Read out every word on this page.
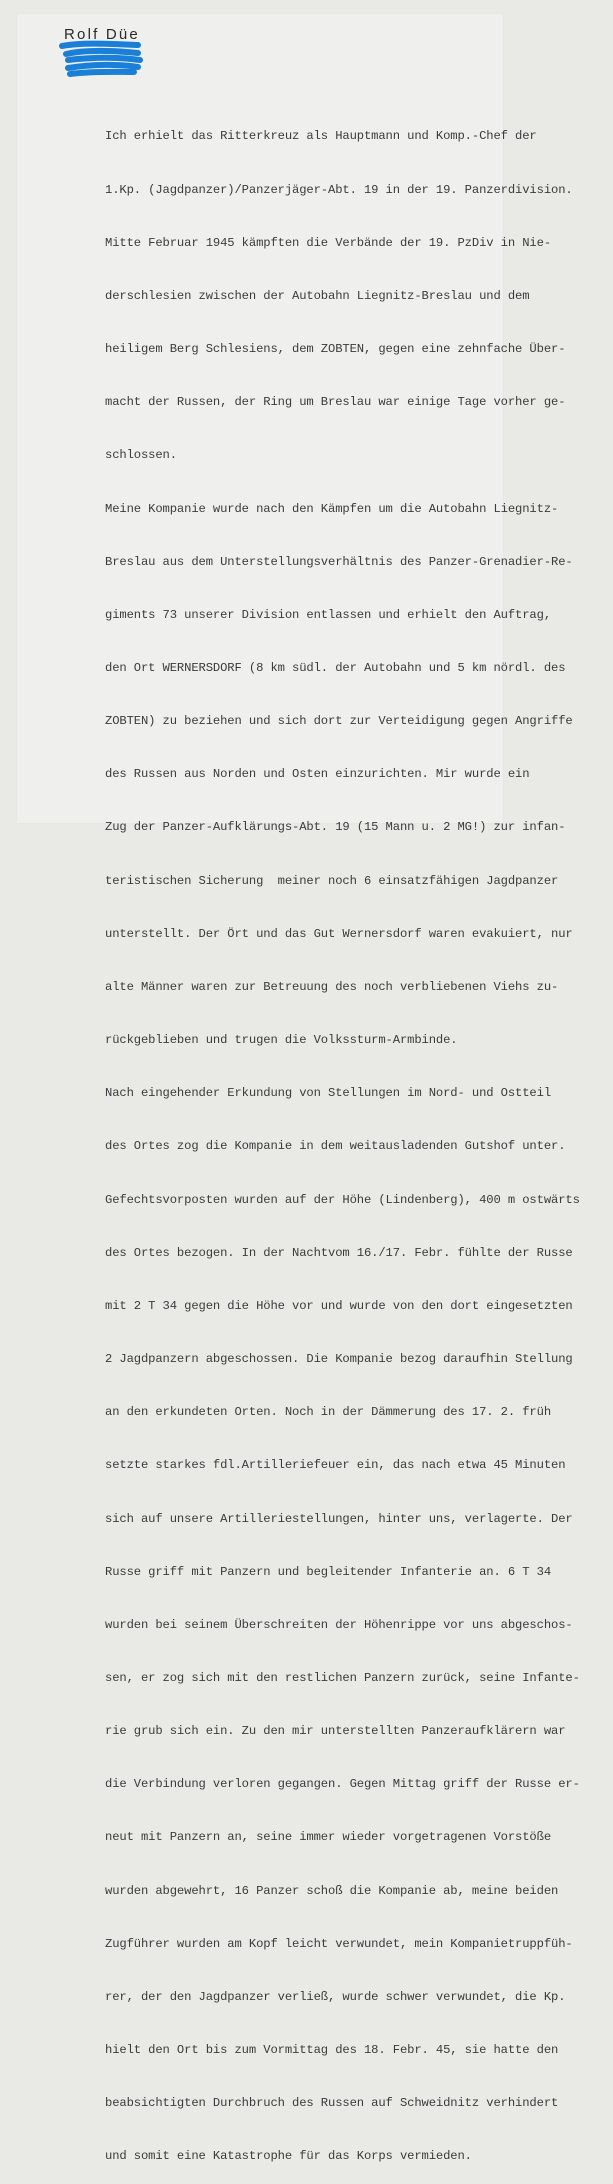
Rolf Düe

Ich erhielt das Ritterkreuz als Hauptmann und Komp.-Chef der

1.Kp. (Jagdpanzer)/Panzerjäger-Abt. 19 in der 19. Panzerdivision.

Mitte Februar 1945 kämpften die Verbände der 19. PzDiv in Nie-

derschlesien zwischen der Autobahn Liegnitz-Breslau und dem

heiligem Berg Schlesiens, dem ZOBTEN, gegen eine zehnfache Über-

macht der Russen, der Ring um Breslau war einige Tage vorher ge-

schlossen.

Meine Kompanie wurde nach den Kämpfen um die Autobahn Liegnitz-

Breslau aus dem Unterstellungsverhältnis des Panzer-Grenadier-Re-

giments 73 unserer Division entlassen und erhielt den Auftrag,

den Ort WERNERSDORF (8 km südl. der Autobahn und 5 km nördl. des

ZOBTEN) zu beziehen und sich dort zur Verteidigung gegen Angriffe

des Russen aus Norden und Osten einzurichten. Mir wurde ein

Zug der Panzer-Aufklärungs-Abt. 19 (15 Mann u. 2 MG!) zur infan-

teristischen Sicherung  meiner noch 6 einsatzfähigen Jagdpanzer

unterstellt. Der Ört und das Gut Wernersdorf waren evakuiert, nur

alte Männer waren zur Betreuung des noch verbliebenen Viehs zu-

rückgeblieben und trugen die Volkssturm-Armbinde.

Nach eingehender Erkundung von Stellungen im Nord- und Ostteil

des Ortes zog die Kompanie in dem weitausladenden Gutshof unter.

Gefechtsvorposten wurden auf der Höhe (Lindenberg), 400 m ostwärts

des Ortes bezogen. In der Nachtvom 16./17. Febr. fühlte der Russe

mit 2 T 34 gegen die Höhe vor und wurde von den dort eingesetzten

2 Jagdpanzern abgeschossen. Die Kompanie bezog daraufhin Stellung

an den erkundeten Orten. Noch in der Dämmerung des 17. 2. früh

setzte starkes fdl.Artilleriefeuer ein, das nach etwa 45 Minuten

sich auf unsere Artilleriestellungen, hinter uns, verlagerte. Der

Russe griff mit Panzern und begleitender Infanterie an. 6 T 34

wurden bei seinem Überschreiten der Höhenrippe vor uns abgeschos-

sen, er zog sich mit den restlichen Panzern zurück, seine Infante-

rie grub sich ein. Zu den mir unterstellten Panzeraufklärern war

die Verbindung verloren gegangen. Gegen Mittag griff der Russe er-

neut mit Panzern an, seine immer wieder vorgetragenen Vorstöße

wurden abgewehrt, 16 Panzer schoß die Kompanie ab, meine beiden

Zugführer wurden am Kopf leicht verwundet, mein Kompanietruppfüh-

rer, der den Jagdpanzer verließ, wurde schwer verwundet, die Kp.

hielt den Ort bis zum Vormittag des 18. Febr. 45, sie hatte den

beabsichtigten Durchbruch des Russen auf Schweidnitz verhindert

und somit eine Katastrophe für das Korps vermieden.
